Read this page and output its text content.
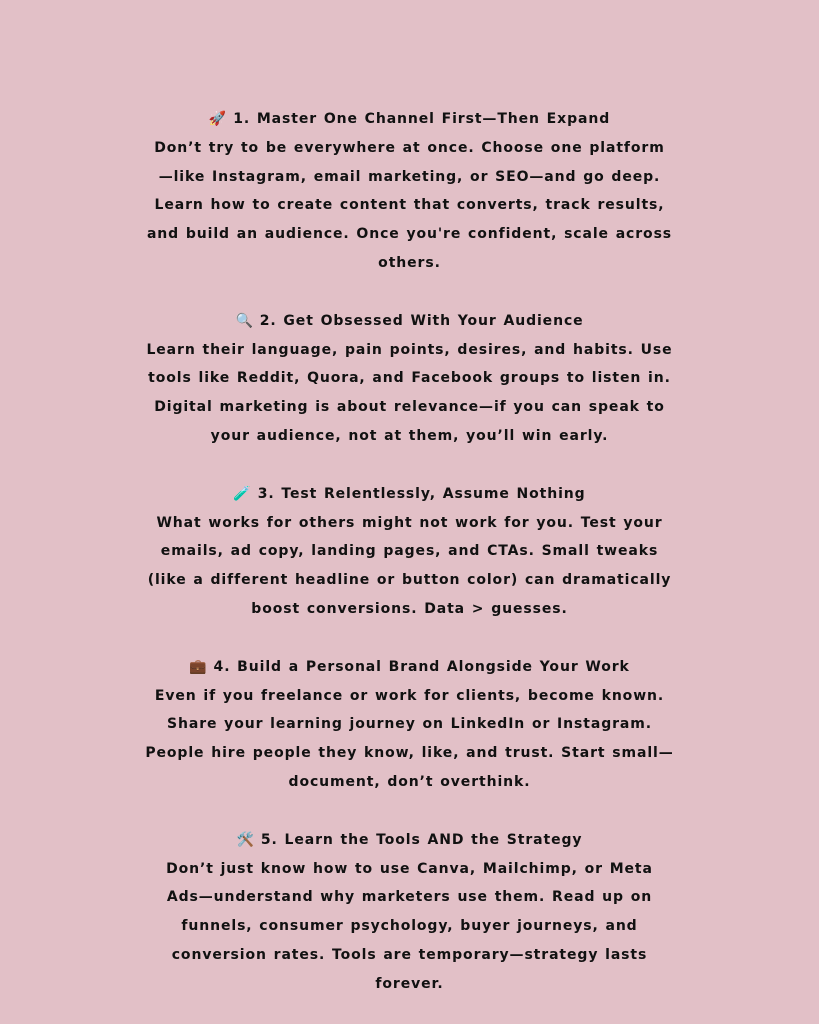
🚀 1. Master One Channel First—Then Expand
Don’t try to be everywhere at once. Choose one platform
—like Instagram, email marketing, or SEO—and go deep.
Learn how to create content that converts, track results,
and build an audience. Once you're confident, scale across
others.
🔍 2. Get Obsessed With Your Audience
Learn their language, pain points, desires, and habits. Use
tools like Reddit, Quora, and Facebook groups to listen in.
Digital marketing is about relevance—if you can speak to
your audience, not at them, you’ll win early.
🧪 3. Test Relentlessly, Assume Nothing
What works for others might not work for you. Test your
emails, ad copy, landing pages, and CTAs. Small tweaks
(like a different headline or button color) can dramatically
boost conversions. Data > guesses.
💼 4. Build a Personal Brand Alongside Your Work
Even if you freelance or work for clients, become known.
Share your learning journey on LinkedIn or Instagram.
People hire people they know, like, and trust. Start small—
document, don’t overthink.
🛠️ 5. Learn the Tools AND the Strategy
Don’t just know how to use Canva, Mailchimp, or Meta
Ads—understand why marketers use them. Read up on
funnels, consumer psychology, buyer journeys, and
conversion rates. Tools are temporary—strategy lasts
forever.
